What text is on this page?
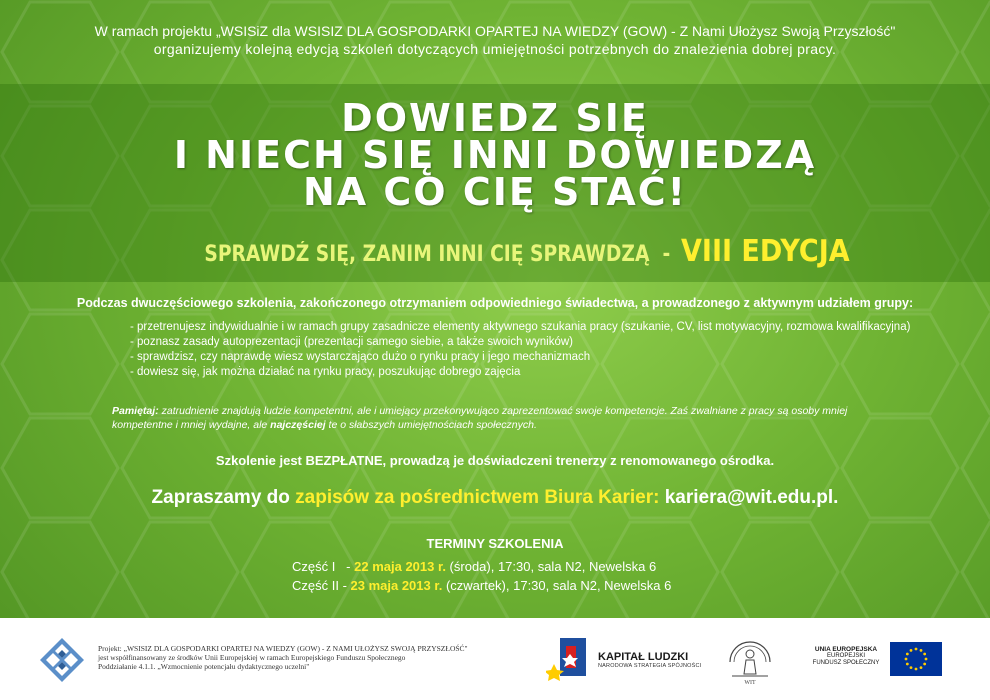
W ramach projektu „WSISiZ dla WSISIZ DLA GOSPODARKI OPARTEJ NA WIEDZY (GOW) - Z Nami Ułożysz Swoją Przyszłość"
organizujemy kolejną edycją szkoleń dotyczących umiejętności potrzebnych do znalezienia dobrej pracy.
DOWIEDZ SIĘ
I NIECH SIĘ INNI DOWIEDZĄ
NA CO CIĘ STAĆ!
SPRAWDŹ SIĘ, ZANIM INNI CIĘ SPRAWDZĄ  - VIII EDYCJA
Podczas dwuczęściowego szkolenia, zakończonego otrzymaniem odpowiedniego świadectwa, a prowadzonego z aktywnym udziałem grupy:
- przetrenujesz indywidualnie i w ramach grupy zasadnicze elementy aktywnego szukania pracy (szukanie, CV, list motywacyjny, rozmowa kwalifikacyjna)
- poznasz zasady autoprezentacji (prezentacji samego siebie, a także swoich wyników)
- sprawdzisz, czy naprawdę wiesz wystarczająco dużo o rynku pracy i jego mechanizmach
- dowiesz się, jak można działać na rynku pracy, poszukując dobrego zajęcia
Pamiętaj: zatrudnienie znajdują ludzie kompetentni, ale i umiejący przekonywująco zaprezentować swoje kompetencje. Zaś zwalniane z pracy są osoby mniej kompetentne i mniej wydajne, ale najczęściej te o słabszych umiejętnościach społecznych.
Szkolenie jest BEZPŁATNE, prowadzą je doświadczeni trenerzy z renomowanego ośrodka.
Zapraszamy do zapisów za pośrednictwem Biura Karier: kariera@wit.edu.pl.
TERMINY SZKOLENIA
Część I   - 22 maja 2013 r. (środa), 17:30, sala N2, Newelska 6
Część II - 23 maja 2013 r. (czwartek), 17:30, sala N2, Newelska 6
Projekt: „WSISIZ DLA GOSPODARKI OPARTEJ NA WIEDZY (GOW) - Z NAMI UŁOŻYSZ SWOJĄ PRZYSZŁOŚĆ"
jest współfinansowany ze środków Unii Europejskiej w ramach Europejskiego Funduszu Społecznego
Poddziałanie 4.1.1. „Wzmocnienie potencjału dydaktycznego uczelni"
KAPITAŁ LUDZKI
NARODOWA STRATEGIA SPÓJNOŚCI
WIT
UNIA EUROPEJSKA
EUROPEJSKI
FUNDUSZ SPOŁECZNY
